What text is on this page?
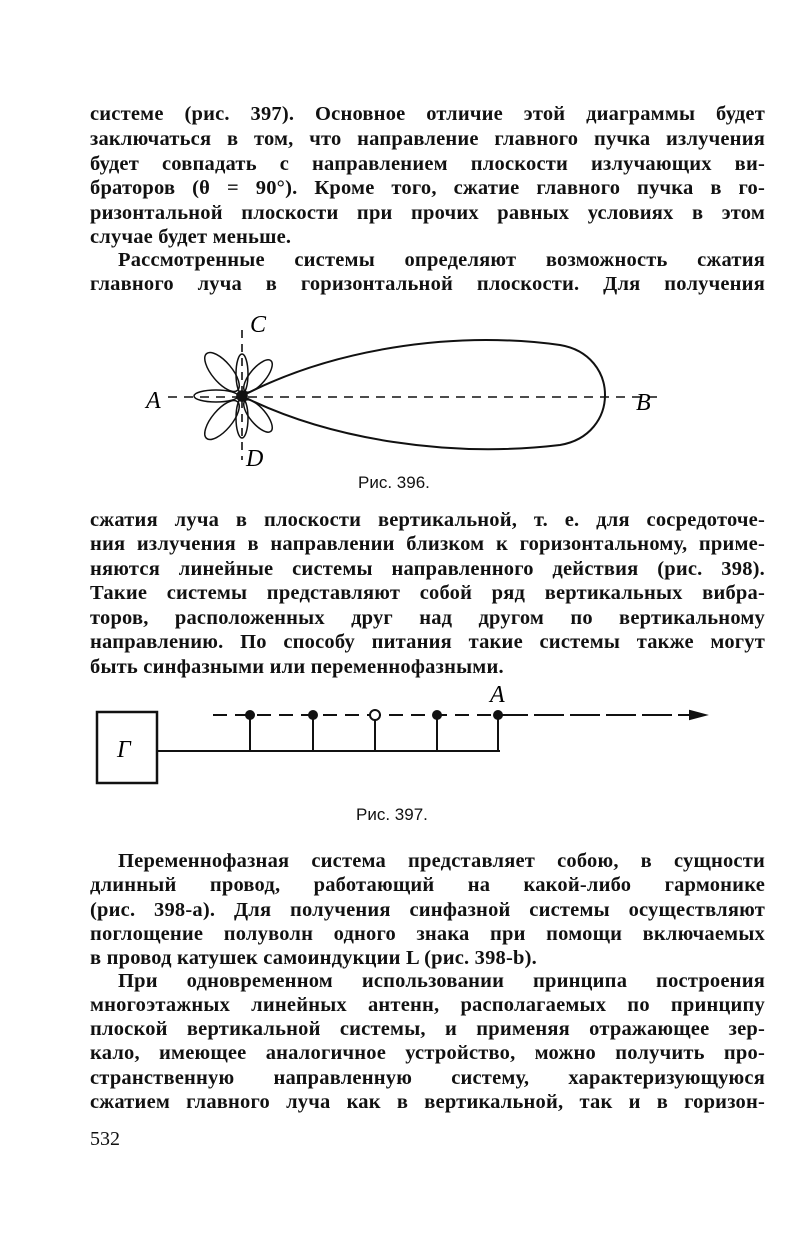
системе (рис. 397). Основное отличие этой диаграммы будет
заключаться в том, что направление главного пучка излучения
будет совпадать с направлением плоскости излучающих ви-
браторов (θ = 90°). Кроме того, сжатие главного пучка в го-
ризонтальной плоскости при прочих равных условиях в этом
случае будет меньше.
Рассмотренные системы определяют возможность сжатия
главного луча в горизонтальной плоскости. Для получения
А	В
С
D
Рис. 396.
сжатия луча в плоскости вертикальной, т. е. для сосредоточе-
ния излучения в направлении близком к горизонтальному, приме-
няются линейные системы направленного действия (рис. 398).
Такие системы представляют собой ряд вертикальных вибра-
торов, расположенных друг над другом по вертикальному
направлению. По способу питания такие системы также могут
быть синфазными или переменнофазными.
Г
А
Рис. 397.
Переменнофазная система представляет собою, в сущности
длинный провод, работающий на какой-либо гармонике
(рис. 398-а). Для получения синфазной системы осуществляют
поглощение полуволн одного знака при помощи включаемых
в провод катушек самоиндукции L (рис. 398-b).
При одновременном использовании принципа построения
многоэтажных линейных антенн, располагаемых по принципу
плоской вертикальной системы, и применяя отражающее зер-
кало, имеющее аналогичное устройство, можно получить про-
странственную направленную систему, характеризующуюся
сжатием главного луча как в вертикальной, так и в горизон-
532
